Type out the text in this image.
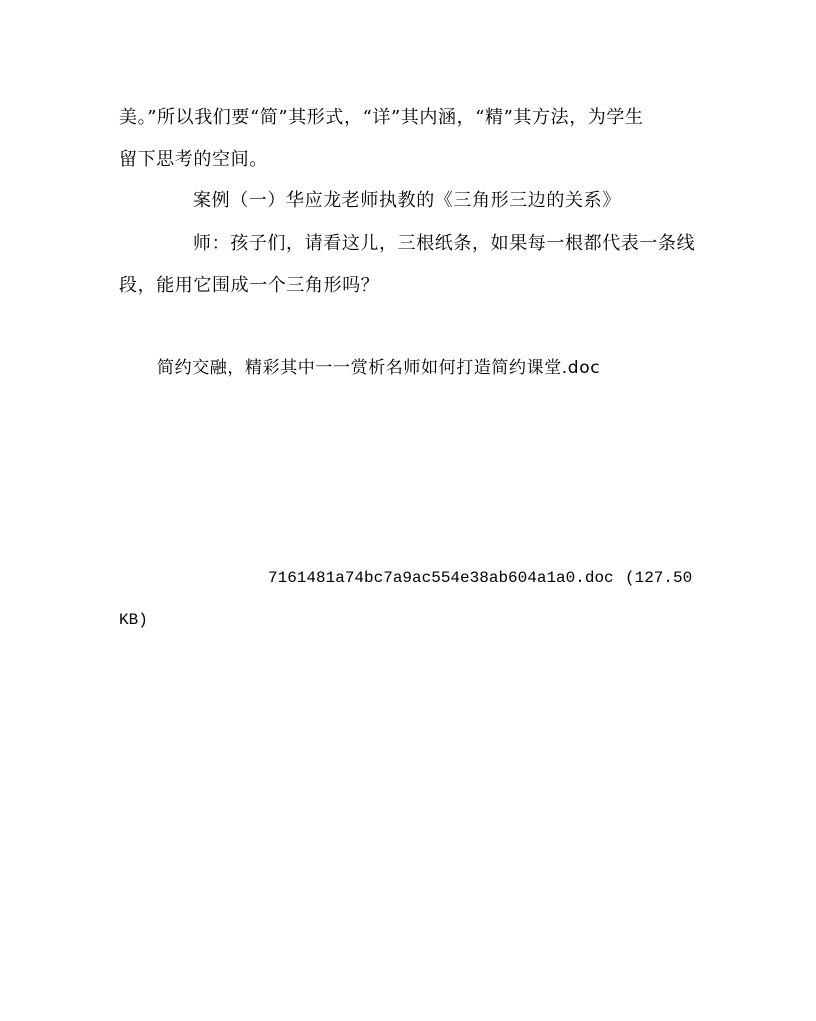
美。”所以我们要“简”其形式，“详”其内涵，“精”其方法，为学生
留下思考的空间。
案例（一）华应龙老师执教的《三角形三边的关系》
师：孩子们，请看这儿，三根纸条，如果每一根都代表一条线
段，能用它围成一个三角形吗？
简约交融，精彩其中一一赏析名师如何打造简约课堂.doc
7161481a74bc7a9ac554e38ab604a1a0.doc (127.50
KB)
